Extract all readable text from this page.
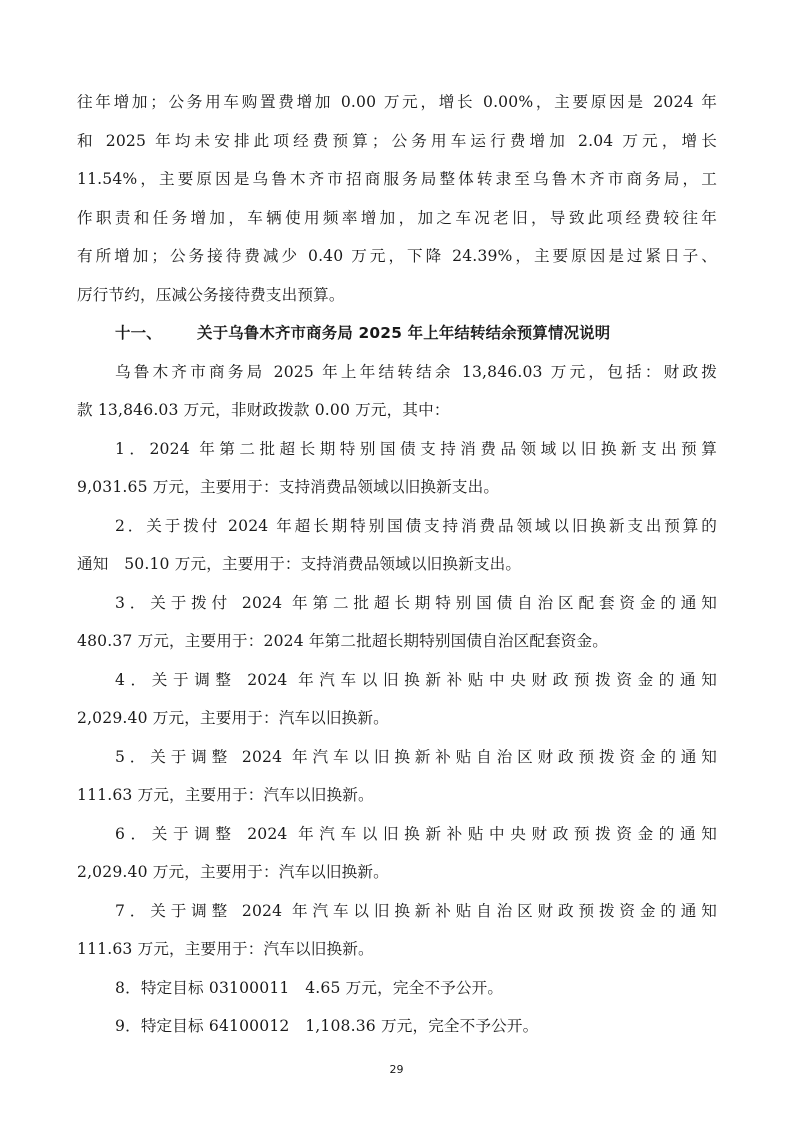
往年增加；公务用车购置费增加 0.00 万元，增长 0.00%，主要原因是 2024 年
和 2025 年均未安排此项经费预算；公务用车运行费增加 2.04 万元，增长
11.54%，主要原因是乌鲁木齐市招商服务局整体转隶至乌鲁木齐市商务局，工
作职责和任务增加，车辆使用频率增加，加之车况老旧，导致此项经费较往年
有所增加；公务接待费减少 0.40 万元，下降 24.39%，主要原因是过紧日子、
厉行节约，压减公务接待费支出预算。
十一、 关于乌鲁木齐市商务局 2025 年上年结转结余预算情况说明
乌鲁木齐市商务局 2025 年上年结转结余 13,846.03 万元，包括：财政拨
款 13,846.03 万元，非财政拨款 0.00 万元，其中：
1．2024 年第二批超长期特别国债支持消费品领域以旧换新支出预算
9,031.65 万元，主要用于：支持消费品领域以旧换新支出。
2．关于拨付 2024 年超长期特别国债支持消费品领域以旧换新支出预算的
通知　50.10 万元，主要用于：支持消费品领域以旧换新支出。
3．关于拨付 2024 年第二批超长期特别国债自治区配套资金的通知
480.37 万元，主要用于：2024 年第二批超长期特别国债自治区配套资金。
4．关于调整 2024 年汽车以旧换新补贴中央财政预拨资金的通知
2,029.40 万元，主要用于：汽车以旧换新。
5．关于调整 2024 年汽车以旧换新补贴自治区财政预拨资金的通知
111.63 万元，主要用于：汽车以旧换新。
6．关于调整 2024 年汽车以旧换新补贴中央财政预拨资金的通知
2,029.40 万元，主要用于：汽车以旧换新。
7．关于调整 2024 年汽车以旧换新补贴自治区财政预拨资金的通知
111.63 万元，主要用于：汽车以旧换新。
8．特定目标 03100011　4.65 万元，完全不予公开。
9．特定目标 64100012　1,108.36 万元，完全不予公开。
29
